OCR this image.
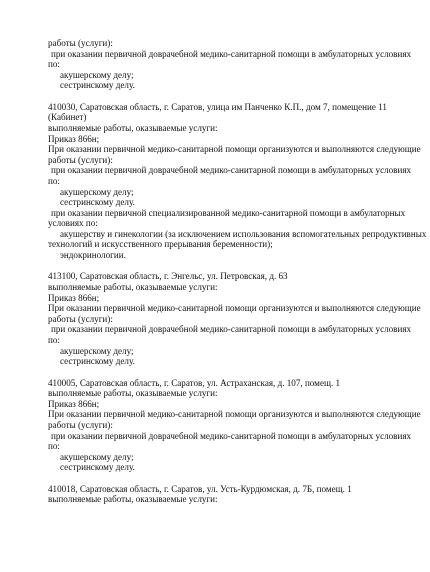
работы (услуги):
при оказании первичной доврачебной медико-санитарной помощи в амбулаторных условиях
по:
акушерскому делу;
сестринскому делу.
410030, Саратовская область, г. Саратов, улица им Панченко К.П., дом 7, помещение 11
(Кабинет)
выполняемые работы, оказываемые услуги:
Приказ 866н;
При оказании первичной медико-санитарной помощи организуются и выполняются следующие
работы (услуги):
при оказании первичной доврачебной медико-санитарной помощи в амбулаторных условиях
по:
акушерскому делу;
сестринскому делу.
при оказании первичной специализированной медико-санитарной помощи в амбулаторных
условиях по:
акушерству и гинекологии (за исключением использования вспомогательных репродуктивных
технологий и искусственного прерывания беременности);
эндокринологии.
413100, Саратовская область, г. Энгельс, ул. Петровская, д. 63
выполняемые работы, оказываемые услуги:
Приказ 866н;
При оказании первичной медико-санитарной помощи организуются и выполняются следующие
работы (услуги):
при оказании первичной доврачебной медико-санитарной помощи в амбулаторных условиях
по:
акушерскому делу;
сестринскому делу.
410005, Саратовская область, г. Саратов, ул. Астраханская, д. 107, помещ. 1
выполняемые работы, оказываемые услуги:
Приказ 866н;
При оказании первичной медико-санитарной помощи организуются и выполняются следующие
работы (услуги):
при оказании первичной доврачебной медико-санитарной помощи в амбулаторных условиях
по:
акушерскому делу;
сестринскому делу.
410018, Саратовская область, г. Саратов, ул. Усть-Курдюмская, д. 7Б, помещ. 1
выполняемые работы, оказываемые услуги:
